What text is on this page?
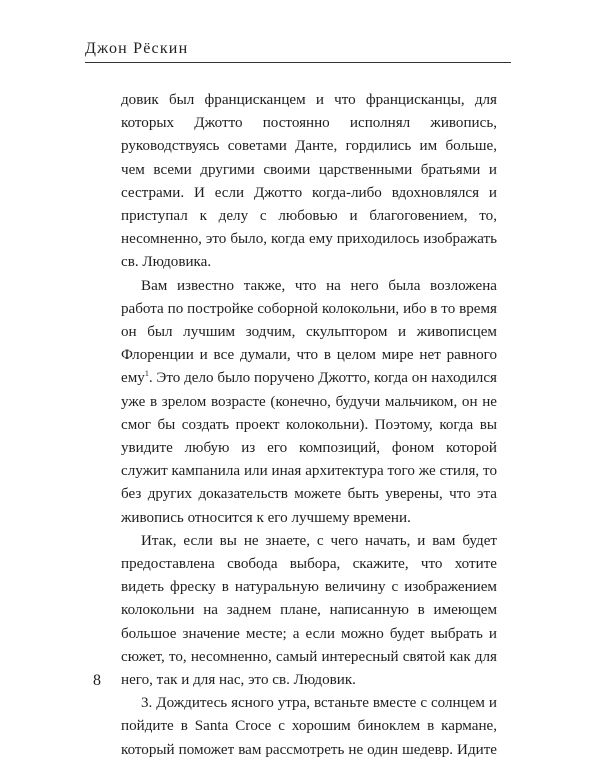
Джон Рёскин

довик был францисканцем и что францисканцы, для которых Джотто постоянно исполнял живопись, руководствуясь советами Данте, гордились им больше, чем всеми другими своими царственными братьями и сестрами. И если Джотто когда-либо вдохновлялся и приступал к делу с любовью и благоговением, то, несомненно, это было, когда ему приходилось изображать св. Людовика.

Вам известно также, что на него была возложена работа по постройке соборной колокольни, ибо в то время он был лучшим зодчим, скульптором и живописцем Флоренции и все думали, что в целом мире нет равного ему$^1$. Это дело было поручено Джотто, когда он находился уже в зрелом возрасте (конечно, будучи мальчиком, он не смог бы создать проект колокольни). Поэтому, когда вы увидите любую из его композиций, фоном которой служит кампанила или иная архитектура того же стиля, то без других доказательств можете быть уверены, что эта живопись относится к его лучшему времени.

Итак, если вы не знаете, с чего начать, и вам будет предоставлена свобода выбора, скажите, что хотите видеть фреску в натуральную величину с изображением колокольни на заднем плане, написанную в имеющем большое значение месте; а если можно будет выбрать и сюжет, то, несомненно, самый интересный святой как для него, так и для нас, это св. Людовик.

3. Дождитесь ясного утра, встаньте вместе с солнцем и пойдите в Santa Croce с хорошим биноклем в кармане, который поможет вам рассмотреть не один шедевр. Идите

8
